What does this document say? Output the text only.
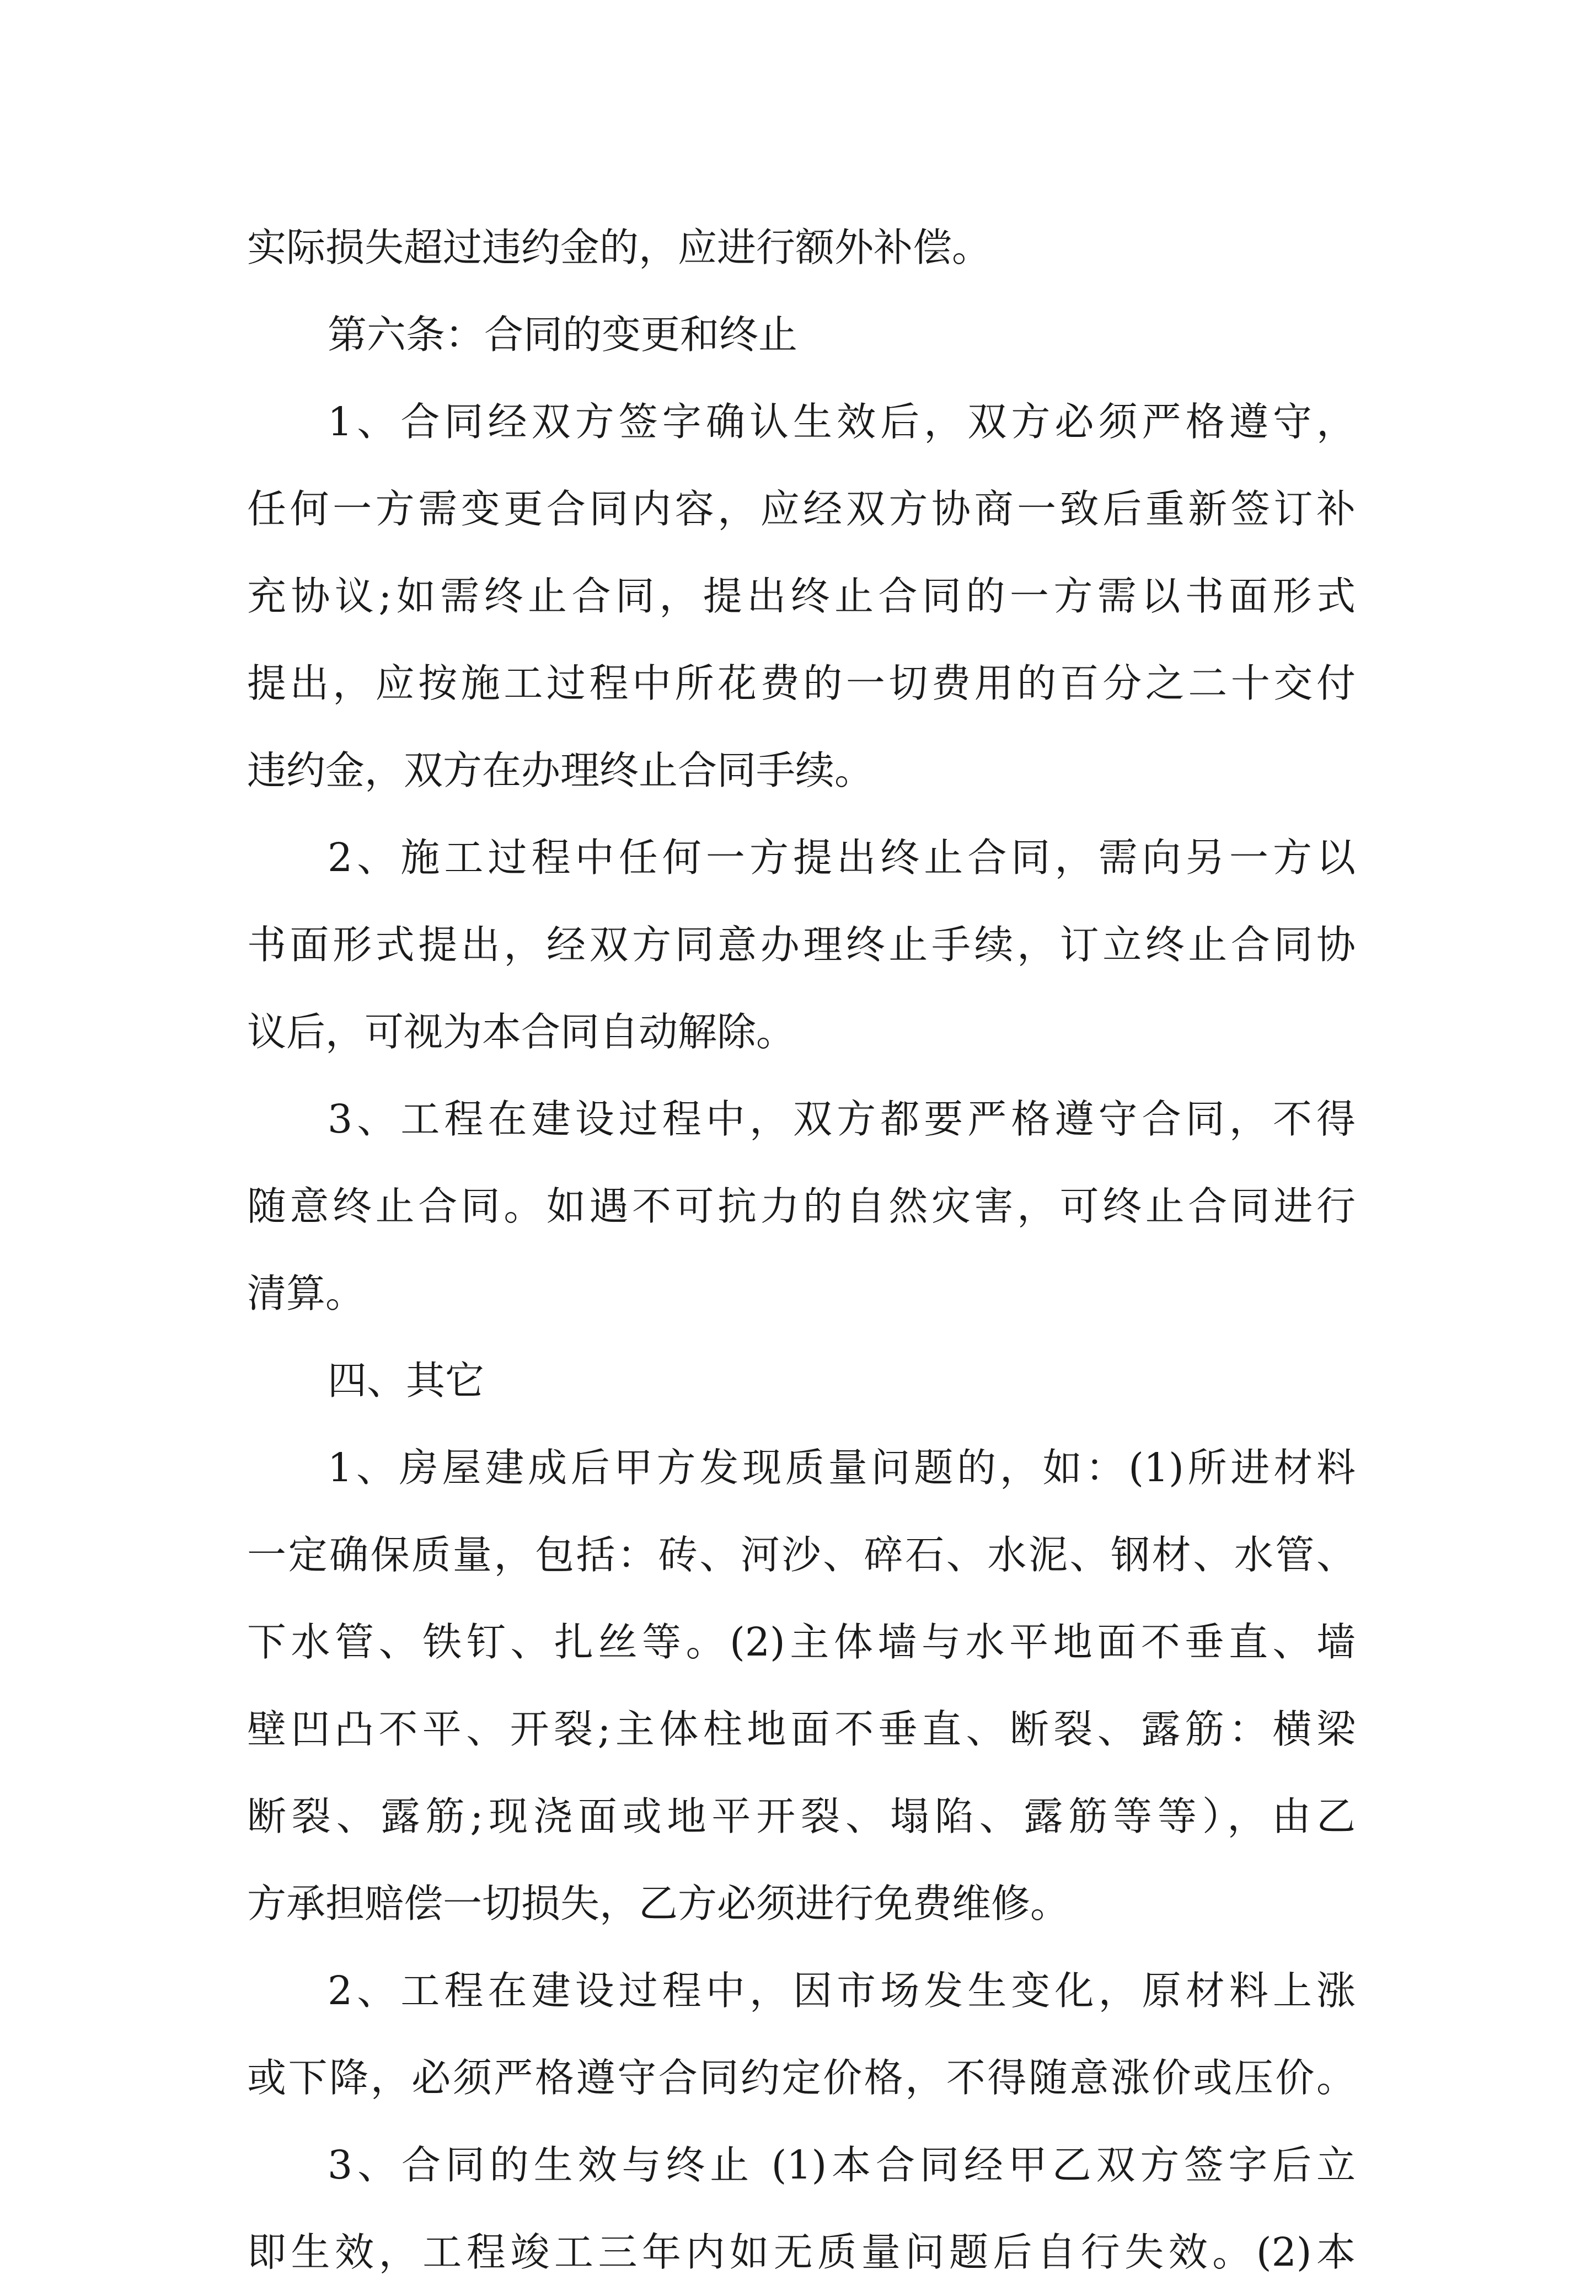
实际损失超过违约金的，应进行额外补偿。
第六条：合同的变更和终止
1、合同经双方签字确认生效后，双方必须严格遵守，
任何一方需变更合同内容，应经双方协商一致后重新签订补
充协议;如需终止合同，提出终止合同的一方需以书面形式
提出，应按施工过程中所花费的一切费用的百分之二十交付
违约金，双方在办理终止合同手续。
2、施工过程中任何一方提出终止合同，需向另一方以
书面形式提出，经双方同意办理终止手续，订立终止合同协
议后，可视为本合同自动解除。
3、工程在建设过程中，双方都要严格遵守合同，不得
随意终止合同。如遇不可抗力的自然灾害，可终止合同进行
清算。
四、其它
1、房屋建成后甲方发现质量问题的，如：(1)所进材料
一定确保质量，包括：砖、河沙、碎石、水泥、钢材、水管、
下水管、铁钉、扎丝等。(2)主体墙与水平地面不垂直、墙
壁凹凸不平、开裂;主体柱地面不垂直、断裂、露筋：横梁
断裂、露筋;现浇面或地平开裂、塌陷、露筋等等），由乙
方承担赔偿一切损失，乙方必须进行免费维修。
2、工程在建设过程中，因市场发生变化，原材料上涨
或下降，必须严格遵守合同约定价格，不得随意涨价或压价。
3、合同的生效与终止 (1)本合同经甲乙双方签字后立
即生效，工程竣工三年内如无质量问题后自行失效。(2)本
